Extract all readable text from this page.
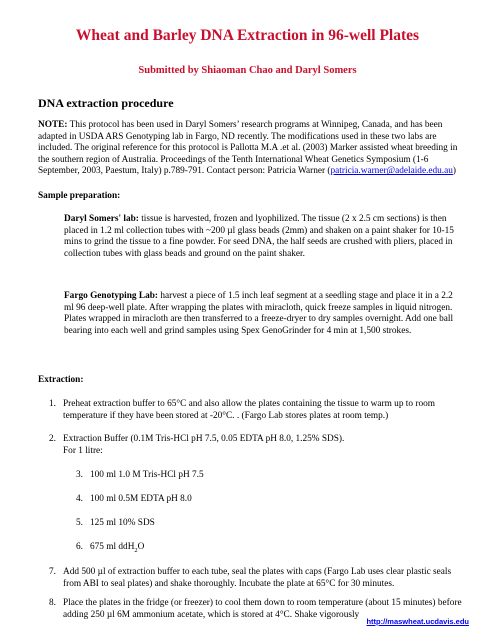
Wheat and Barley DNA Extraction in 96-well Plates
Submitted by Shiaoman Chao and Daryl Somers
DNA extraction procedure
NOTE: This protocol has been used in Daryl Somers’ research programs at Winnipeg, Canada, and has been adapted in USDA ARS Genotyping lab in Fargo, ND recently. The modifications used in these two labs are included. The original reference for this protocol is Pallotta M.A .et al. (2003) Marker assisted wheat breeding in the southern region of Australia. Proceedings of the Tenth International Wheat Genetics Symposium (1-6 September, 2003, Paestum, Italy) p.789-791. Contact person: Patricia Warner (patricia.warner@adelaide.edu.au)
Sample preparation:
Daryl Somers' lab: tissue is harvested, frozen and lyophilized. The tissue (2 x 2.5 cm sections) is then placed in 1.2 ml collection tubes with ~200 µl glass beads (2mm) and shaken on a paint shaker for 10-15 mins to grind the tissue to a fine powder. For seed DNA, the half seeds are crushed with pliers, placed in collection tubes with glass beads and ground on the paint shaker.
Fargo Genotyping Lab: harvest a piece of 1.5 inch leaf segment at a seedling stage and place it in a 2.2 ml 96 deep-well plate. After wrapping the plates with miracloth, quick freeze samples in liquid nitrogen. Plates wrapped in miracloth are then transferred to a freeze-dryer to dry samples overnight. Add one ball bearing into each well and grind samples using Spex GenoGrinder for 4 min at 1,500 strokes.
Extraction:
1. Preheat extraction buffer to 65°C and also allow the plates containing the tissue to warm up to room temperature if they have been stored at -20°C. . (Fargo Lab stores plates at room temp.)
2. Extraction Buffer (0.1M Tris-HCl pH 7.5, 0.05 EDTA pH 8.0, 1.25% SDS).
For 1 litre:
3. 100 ml 1.0 M Tris-HCl pH 7.5
4. 100 ml 0.5M EDTA pH 8.0
5. 125 ml 10% SDS
6. 675 ml ddH$_2$O
7. Add 500 µl of extraction buffer to each tube, seal the plates with caps (Fargo Lab uses clear plastic seals from ABI to seal plates) and shake thoroughly. Incubate the plate at 65°C for 30 minutes.
8. Place the plates in the fridge (or freezer) to cool them down to room temperature (about 15 minutes) before adding 250 µl 6M ammonium acetate, which is stored at 4°C. Shake vigorously
http://maswheat.ucdavis.edu
